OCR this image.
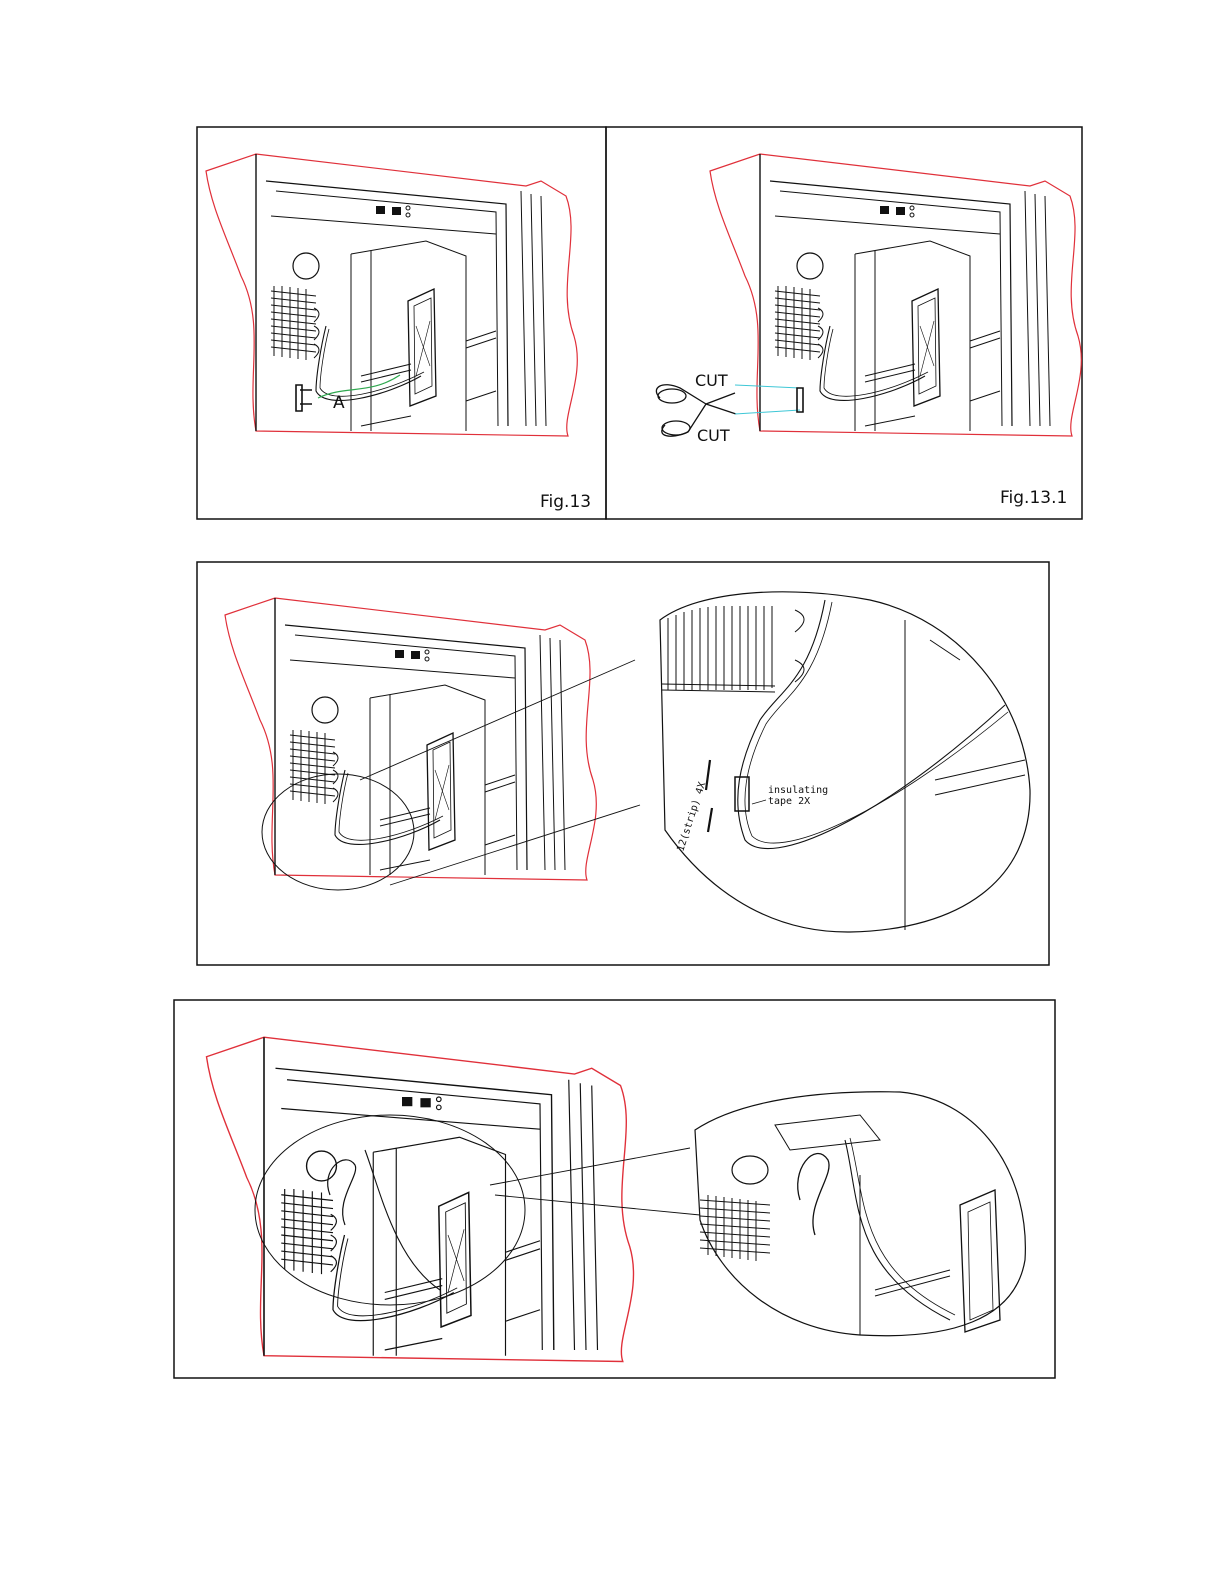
A
Fig.13
CUT
CUT
Fig.13.1
insulating
tape 2X
12(strip) 4X
